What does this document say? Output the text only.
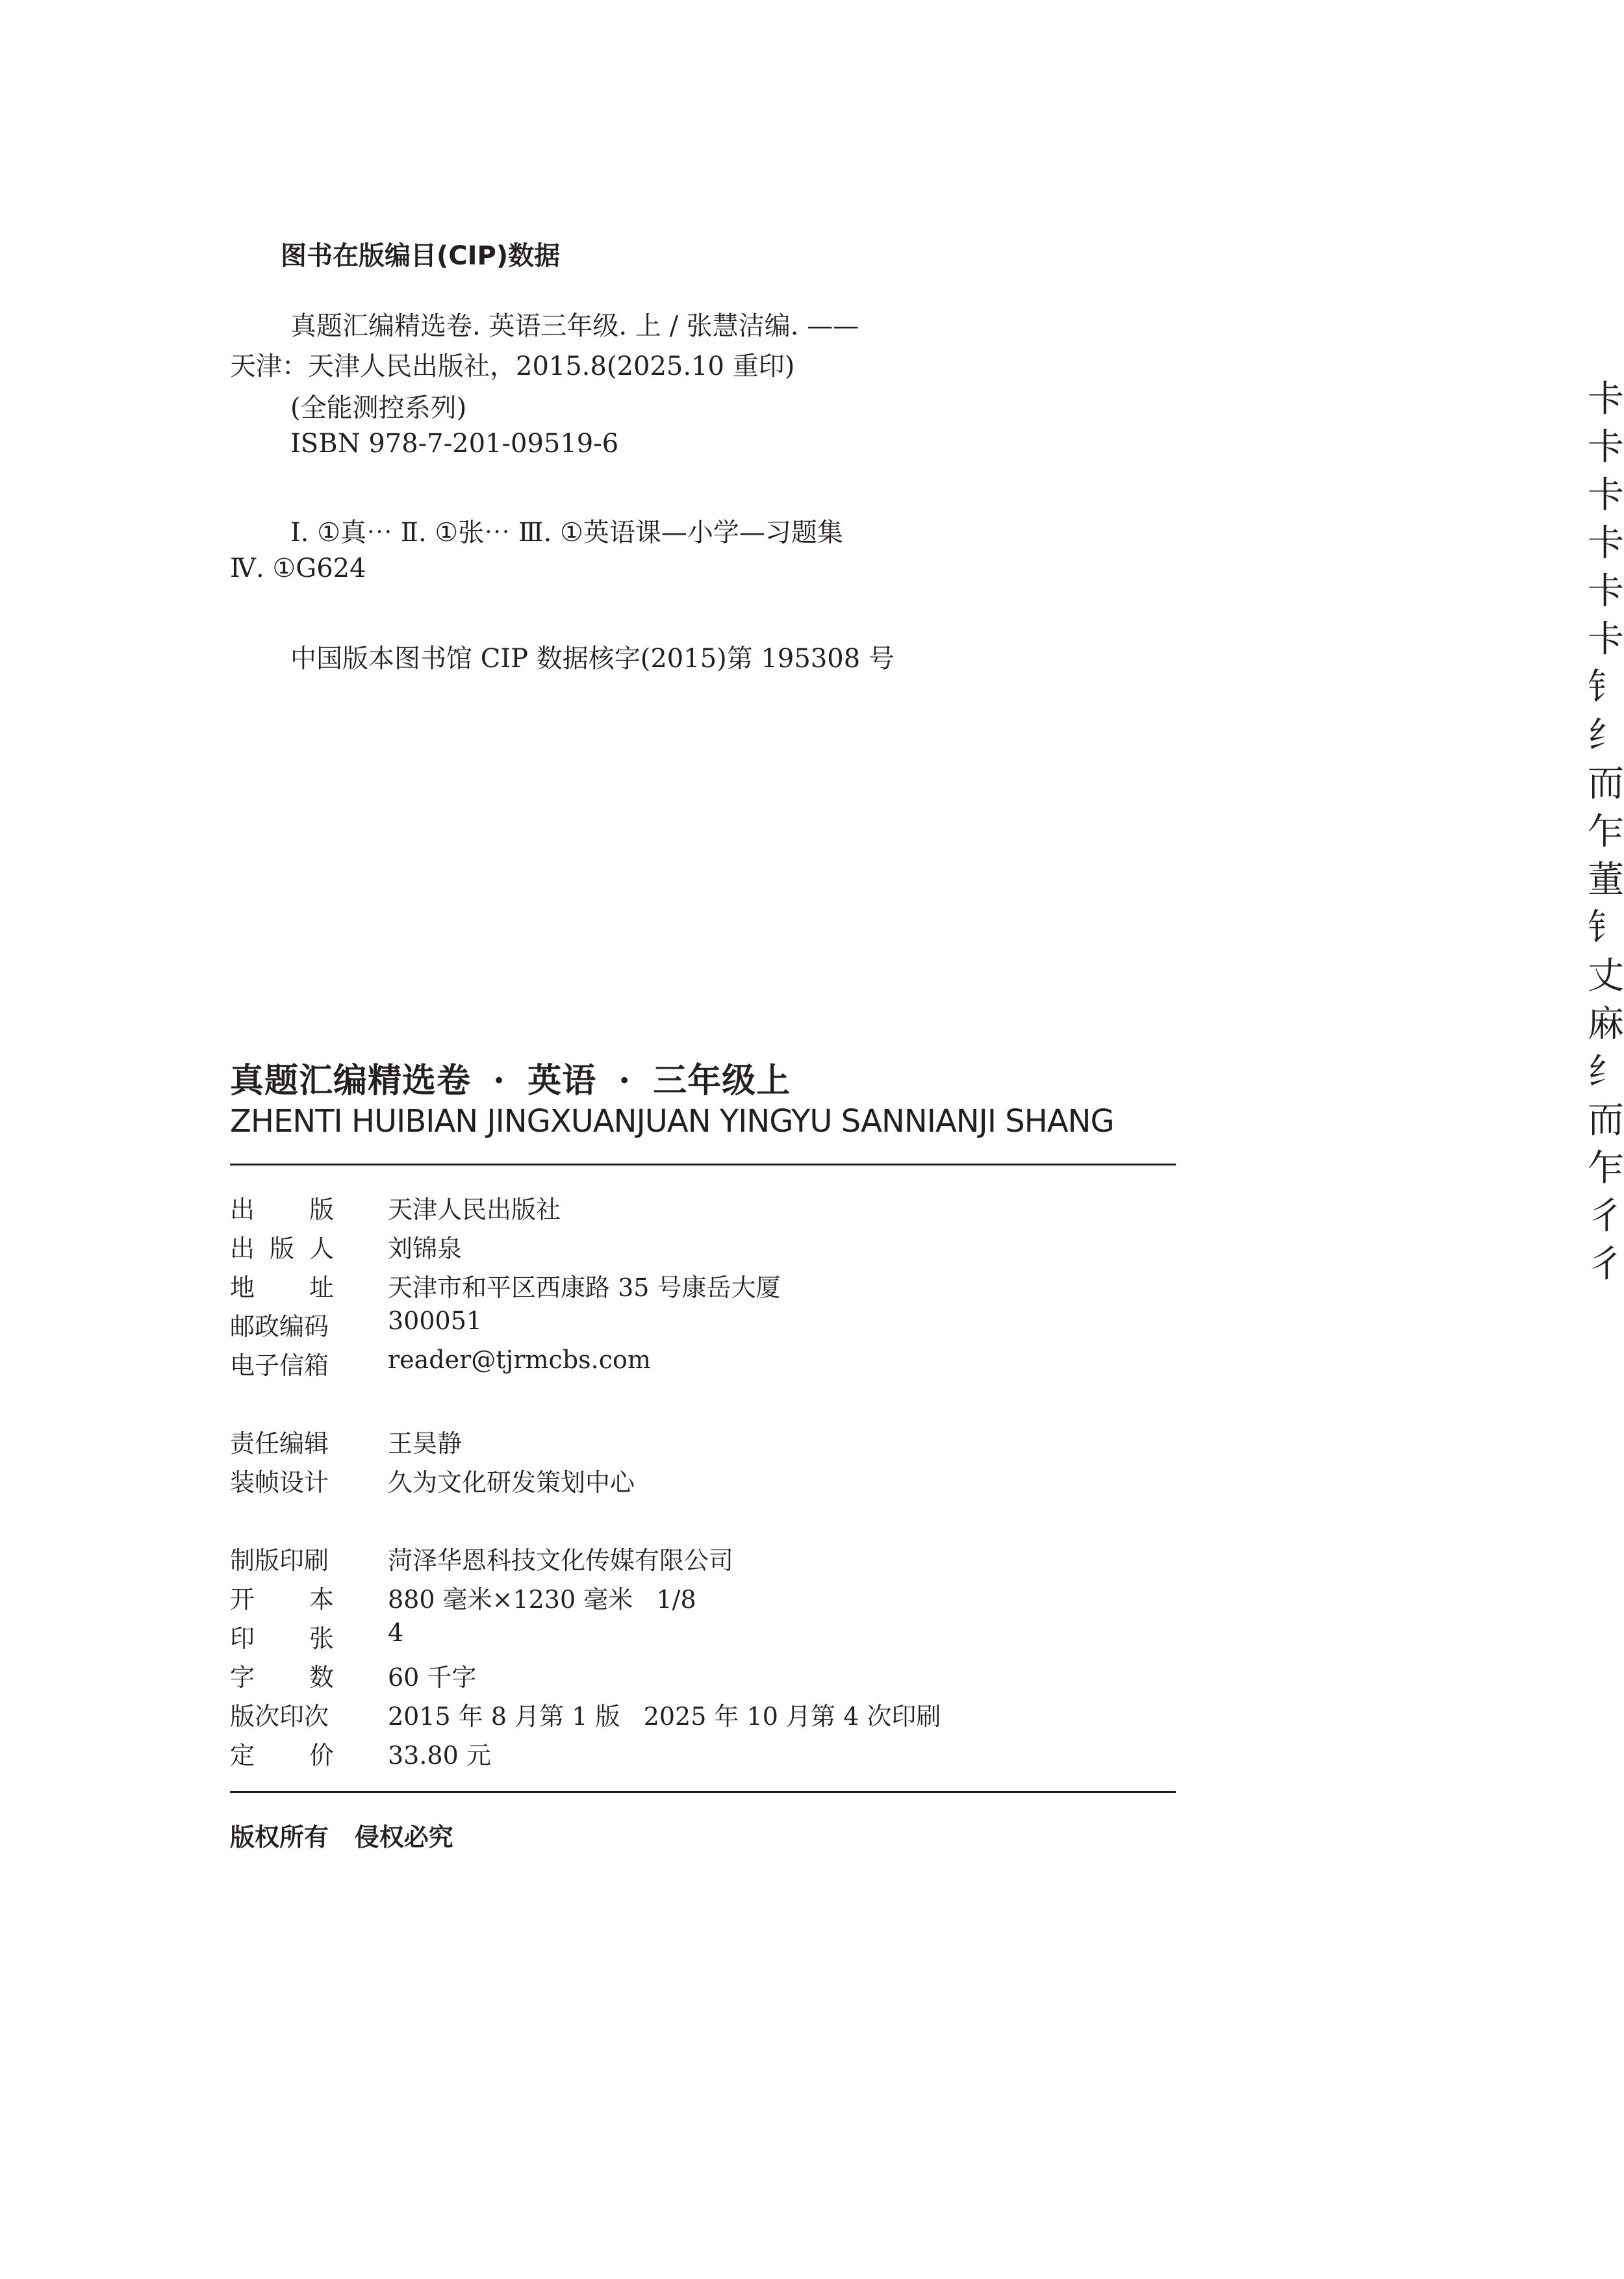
图书在版编目(CIP)数据
真题汇编精选卷. 英语三年级. 上 / 张慧洁编. ——
天津：天津人民出版社，2015.8(2025.10 重印)
(全能测控系列)
ISBN 978-7-201-09519-6
Ⅰ. ①真⋯ Ⅱ. ①张⋯ Ⅲ. ①英语课—小学—习题集
Ⅳ. ①G624
中国版本图书馆 CIP 数据核字(2015)第 195308 号
真题汇编精选卷 · 英语 · 三年级上
ZHENTI HUIBIAN JINGXUANJUAN YINGYU SANNIANJI SHANG
出 版 天津人民出版社
出 版 人 刘锦泉
地 址 天津市和平区西康路 35 号康岳大厦
邮政编码 300051
电子信箱 reader@tjrmcbs.com
责任编辑 王昊静
装帧设计 久为文化研发策划中心
制版印刷 菏泽华恩科技文化传媒有限公司
开 本 880 毫米×1230 毫米   1/8
印 张 4
字 数 60 千字
版次印次 2015 年 8 月第 1 版   2025 年 10 月第 4 次印刷
定 价 33.80 元
版权所有   侵权必究
卡
卡
卡
卡
卡
卡
钅
纟
而
乍
董
钅
丈
麻
纟
而
乍
彳
彳
